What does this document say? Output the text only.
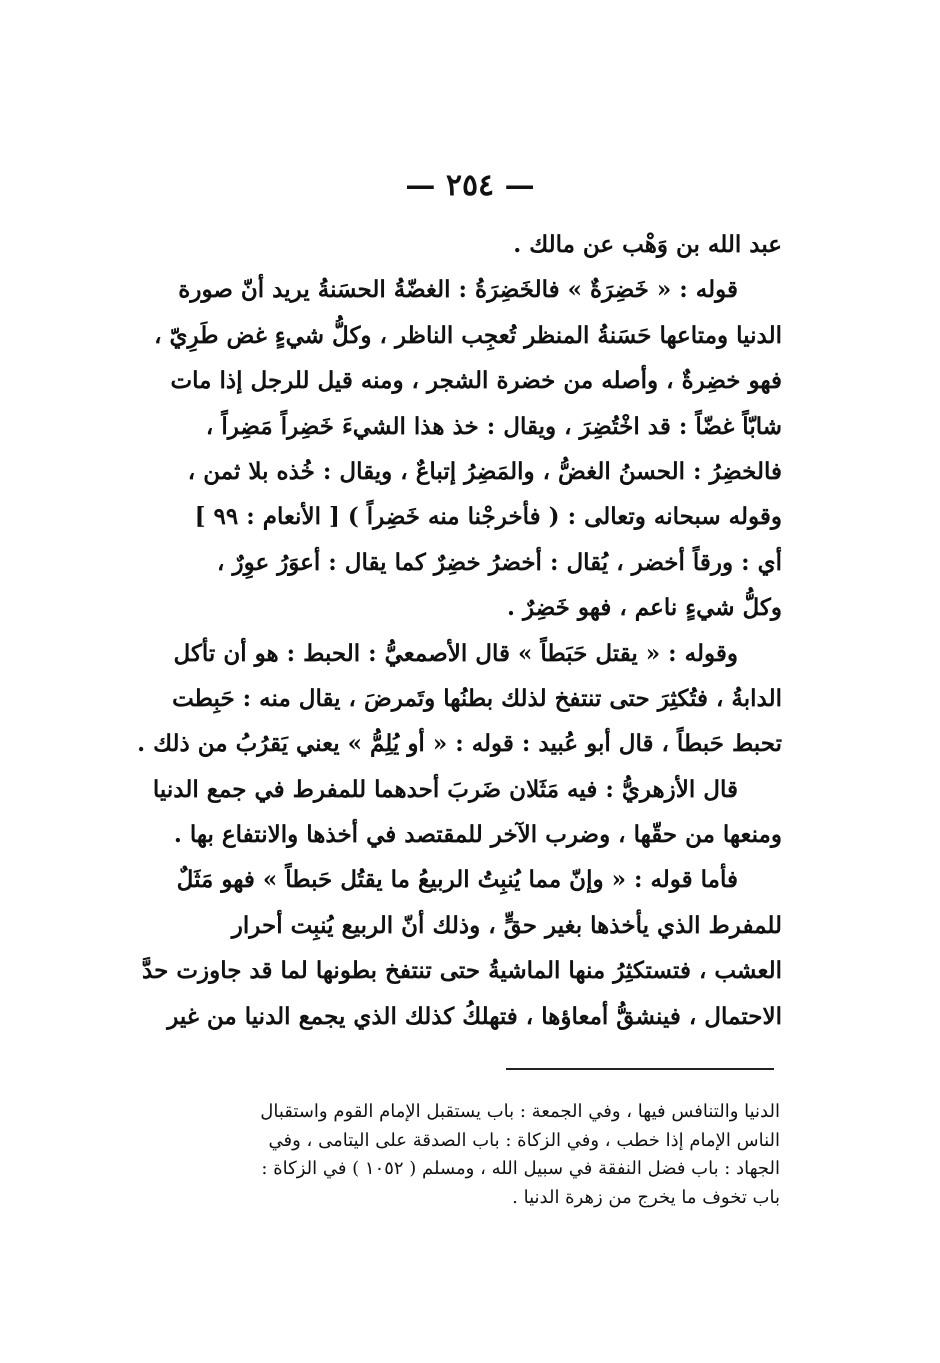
— ٢٥٤ —
عبد الله بن وَهْب عن مالك .
قوله : « خَضِرَةٌ » فالخَضِرَةُ : الغضّةُ الحسَنةُ يريد أنّ صورة
الدنيا ومتاعها حَسَنةُ المنظر تُعجِب الناظر ، وكلُّ شيءٍ غض طَرِيّ ،
فهو خضِرةٌ ، وأصله من خضرة الشجر ، ومنه قيل للرجل إذا مات
شابّاً غضّاً : قد اخْتُضِرَ ، ويقال : خذ هذا الشيءَ خَضِراً مَضِراً ،
فالخضِرُ : الحسنُ الغضُّ ، والمَضِرُ إتباعٌ ، ويقال : خُذه بلا ثمن ،
وقوله سبحانه وتعالى : ( فأخرجْنا منه خَضِراً ) [ الأنعام : ٩٩ ]
أي : ورقاً أخضر ، يُقال : أخضرُ خضِرٌ كما يقال : أعوَرُ عوِرٌ ،
وكلُّ شيءٍ ناعم ، فهو خَضِرٌ .
وقوله : « يقتل حَبَطاً » قال الأصمعيُّ : الحبط : هو أن تأكل
الدابةُ ، فتُكثِرَ حتى تنتفخ لذلك بطنُها وتَمرضَ ، يقال منه : حَبِطت
تحبط حَبطاً ، قال أبو عُبيد : قوله : « أو يُلِمُّ » يعني يَقرُبُ من ذلك .
قال الأزهريُّ : فيه مَثَلان ضَربَ أحدهما للمفرط في جمع الدنيا
ومنعها من حقّها ، وضرب الآخر للمقتصد في أخذها والانتفاع بها .
فأما قوله : « وإنّ مما يُنبِتُ الربيعُ ما يقتُل حَبطاً » فهو مَثَلٌ
للمفرط الذي يأخذها بغير حقٍّ ، وذلك أنّ الربيع يُنبِت أحرار
العشب ، فتستكثِرُ منها الماشيةُ حتى تنتفخ بطونها لما قد جاوزت حدَّ
الاحتمال ، فينشقُّ أمعاؤها ، فتهلكُ كذلك الذي يجمع الدنيا من غير
الدنيا والتنافس فيها ، وفي الجمعة : باب يستقبل الإمام القوم واستقبال
الناس الإمام إذا خطب ، وفي الزكاة : باب الصدقة على اليتامى ، وفي
الجهاد : باب فضل النفقة في سبيل الله ، ومسلم ( ١٠٥٢ ) في الزكاة :
باب تخوف ما يخرج من زهرة الدنيا .
